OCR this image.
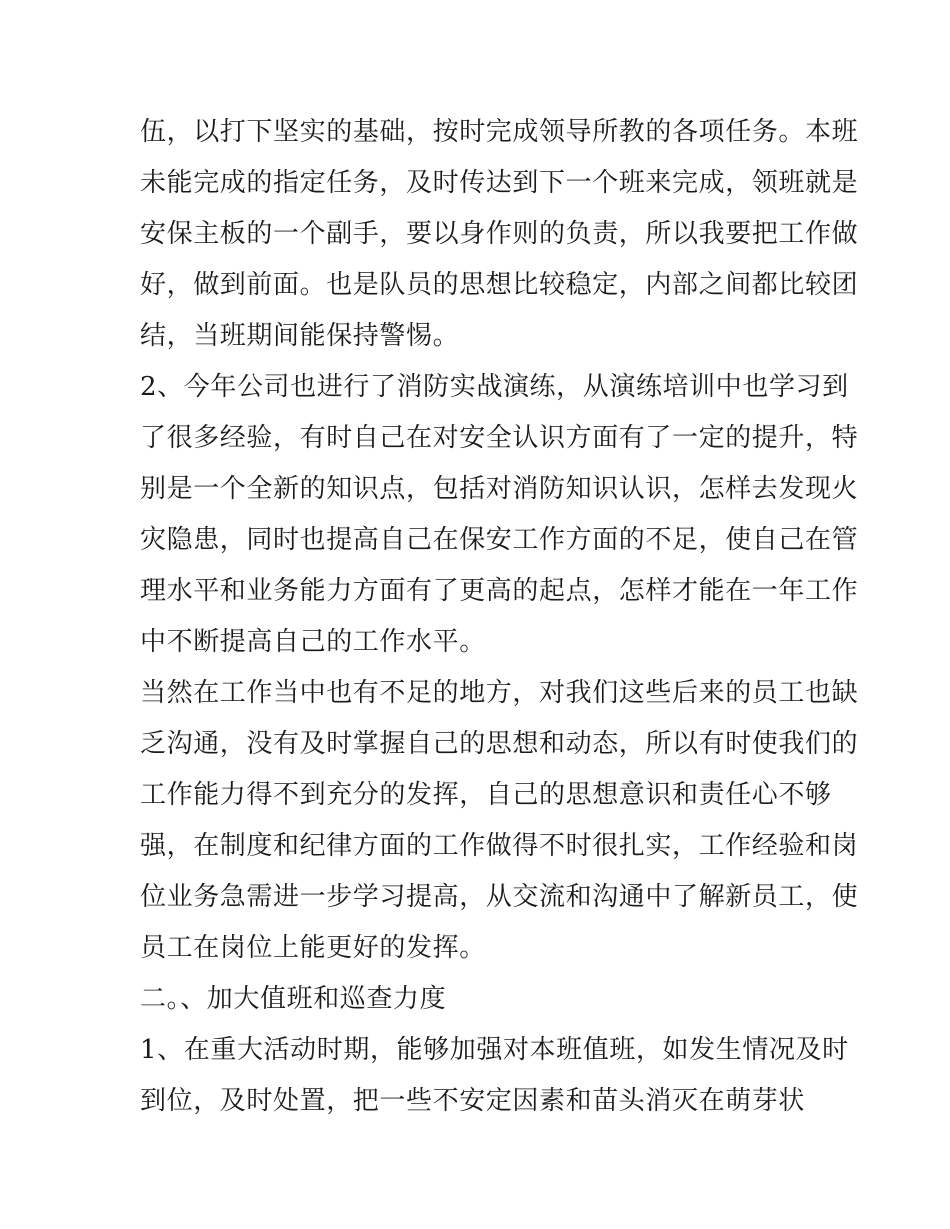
伍，以打下坚实的基础，按时完成领导所教的各项任务。本班
未能完成的指定任务，及时传达到下一个班来完成，领班就是
安保主板的一个副手，要以身作则的负责，所以我要把工作做
好，做到前面。也是队员的思想比较稳定，内部之间都比较团
结，当班期间能保持警惕。
2、今年公司也进行了消防实战演练，从演练培训中也学习到
了很多经验，有时自己在对安全认识方面有了一定的提升，特
别是一个全新的知识点，包括对消防知识认识，怎样去发现火
灾隐患，同时也提高自己在保安工作方面的不足，使自己在管
理水平和业务能力方面有了更高的起点，怎样才能在一年工作
中不断提高自己的工作水平。
当然在工作当中也有不足的地方，对我们这些后来的员工也缺
乏沟通，没有及时掌握自己的思想和动态，所以有时使我们的
工作能力得不到充分的发挥，自己的思想意识和责任心不够
强，在制度和纪律方面的工作做得不时很扎实，工作经验和岗
位业务急需进一步学习提高，从交流和沟通中了解新员工，使
员工在岗位上能更好的发挥。
二。、加大值班和巡查力度
1、在重大活动时期，能够加强对本班值班，如发生情况及时
到位，及时处置，把一些不安定因素和苗头消灭在萌芽状
